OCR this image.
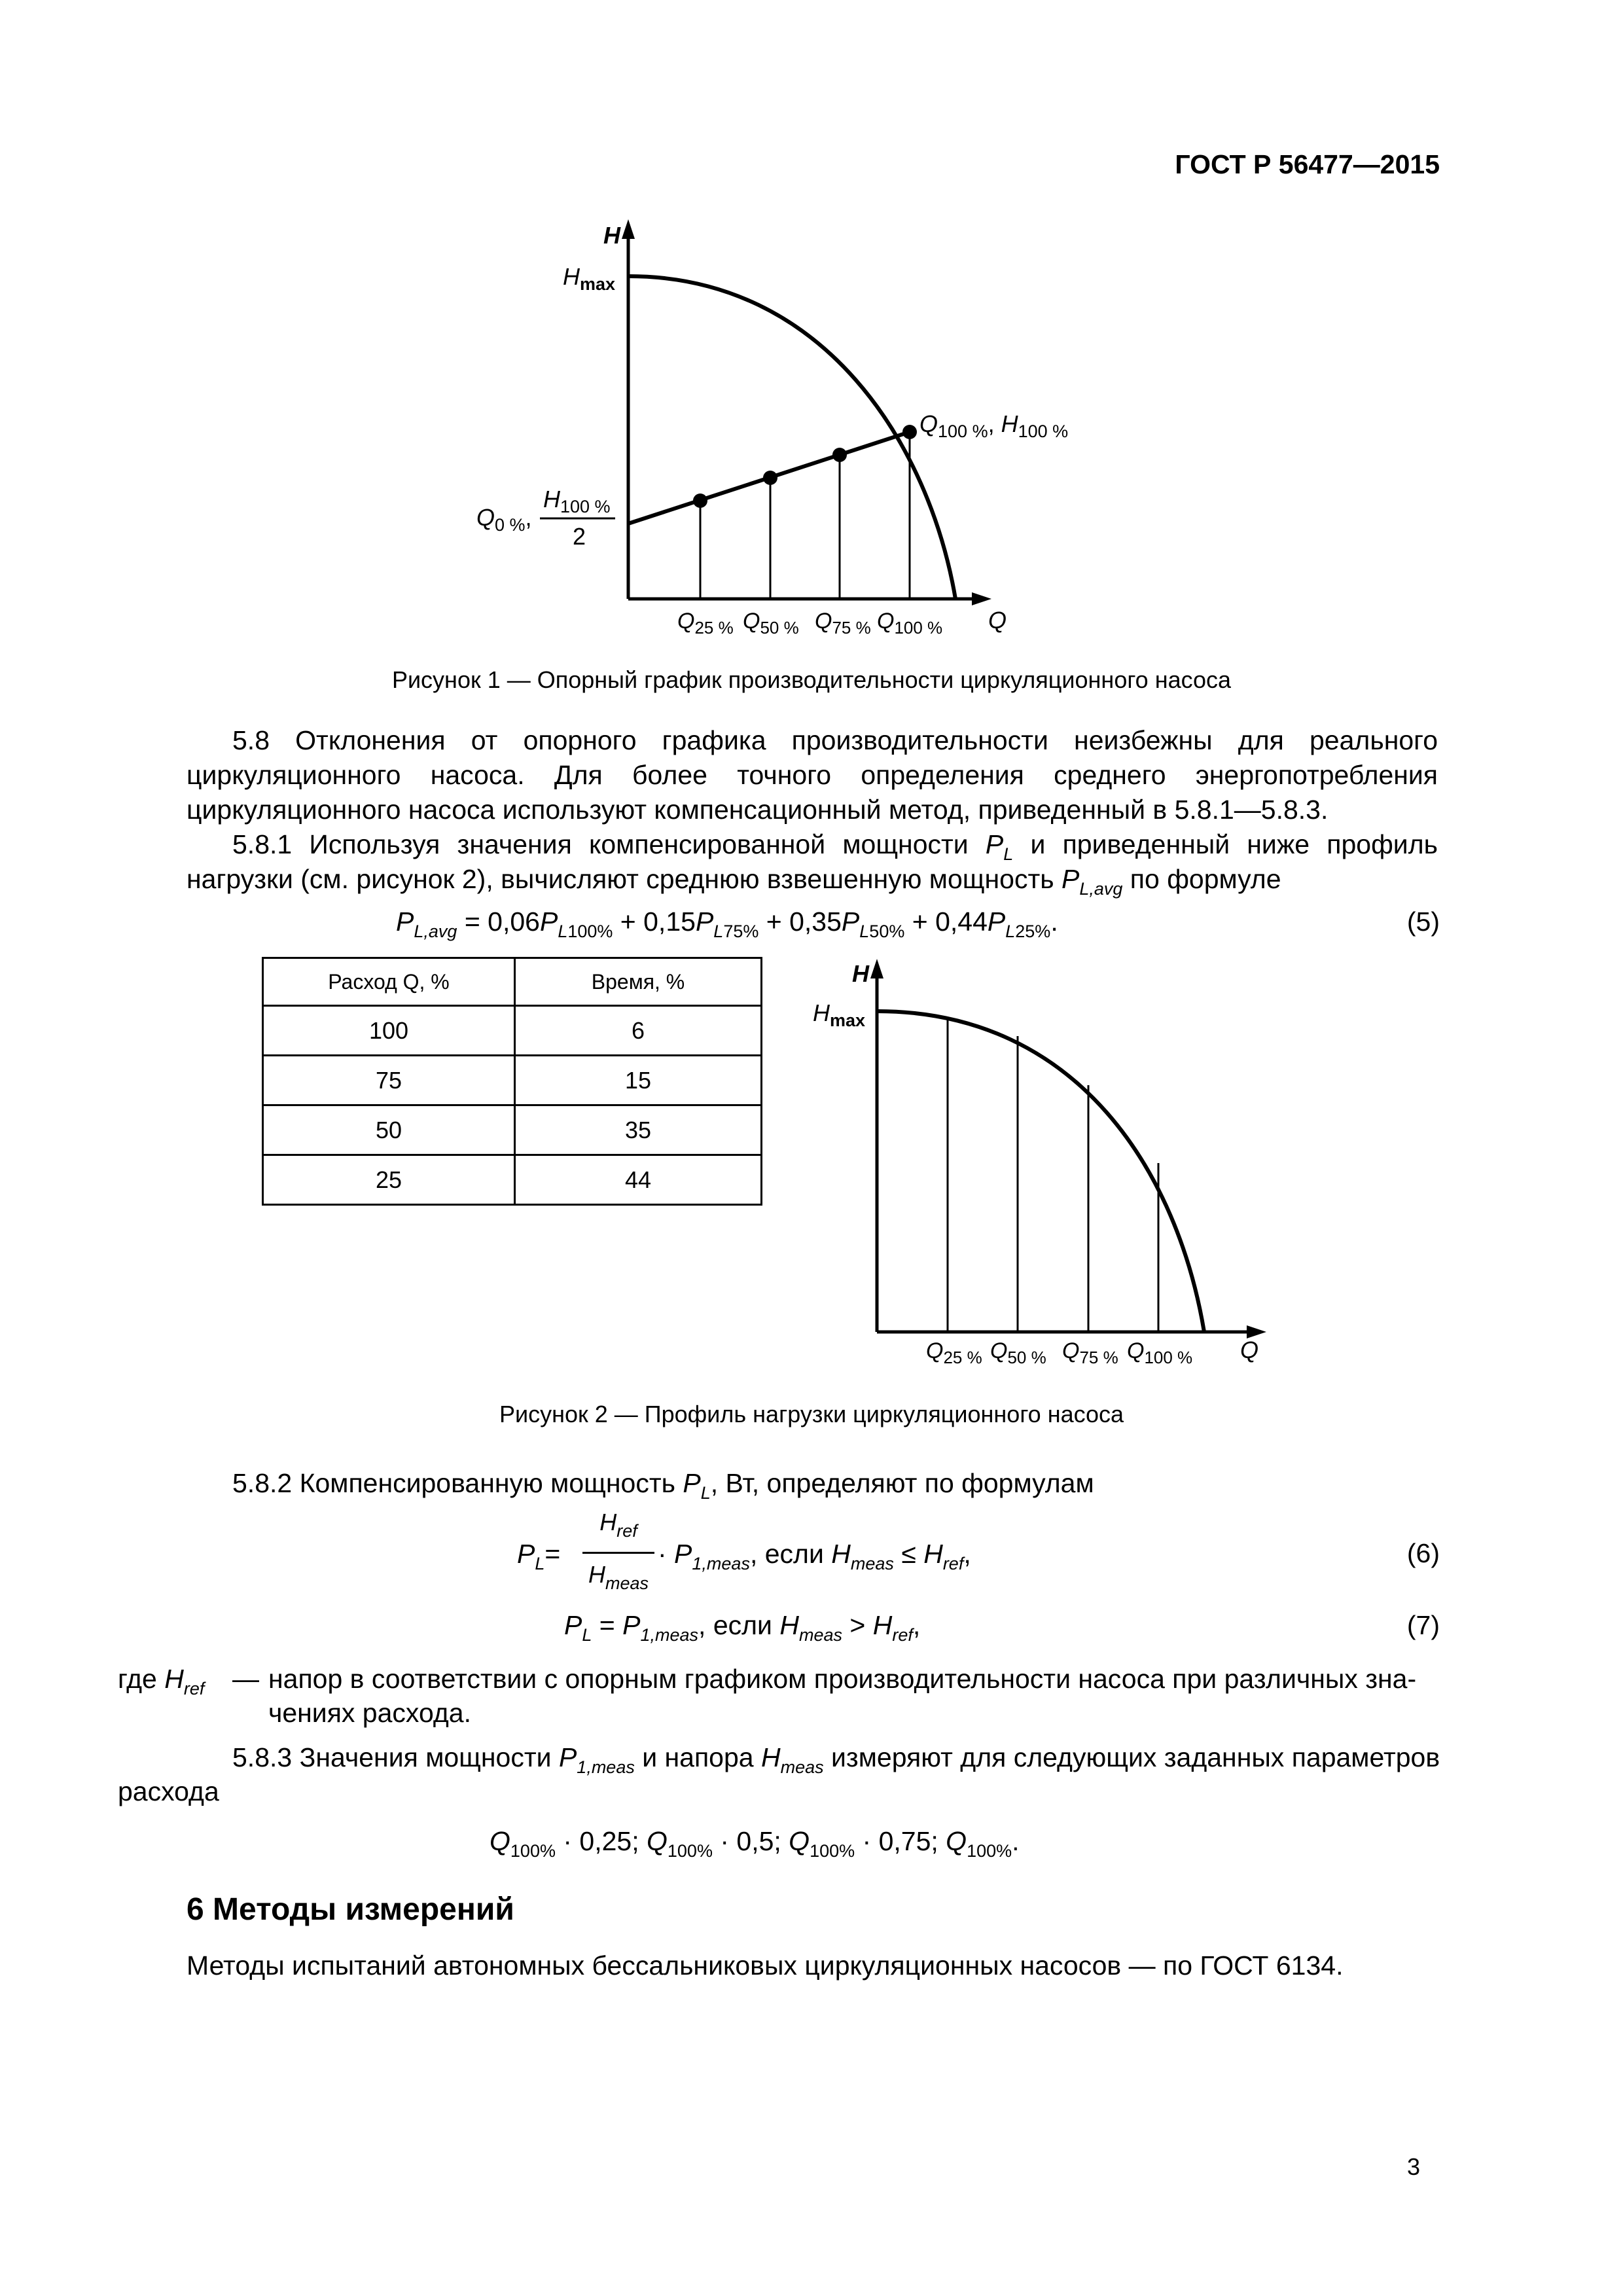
ГОСТ Р 56477—2015
H
$H_{max}$
$Q_{100 \%}$, $H_{100 \%}$
$Q_{0 \%}$,
$H_{100 \%}$
2
$Q_{25 \%}$ $Q_{50 \%}$ $Q_{75 \%}$ $Q_{100 \%}$ Q
Рисунок 1 — Опорный график производительности циркуляционного насоса
5.8 Отклонения от опорного графика производительности неизбежны для реального циркуляционного насоса. Для более точного определения среднего энергопотребления циркуляционного насоса используют компенсационный метод, приведенный в 5.8.1—5.8.3.
5.8.1 Используя значения компенсированной мощности $P_L$ и приведенный ниже профиль нагрузки (см. рисунок 2), вычисляют среднюю взвешенную мощность $P_{L,avg}$ по формуле
$P_{L,avg} = 0,06P_{L100\%} + 0,15P_{L75\%} + 0,35P_{L50\%} + 0,44P_{L25\%}$.	(5)
Расход Q, %	Время, %
100	6
75	15
50	35
25	44
H
$H_{max}$
$Q_{25 \%}$ $Q_{50 \%}$ $Q_{75 \%}$ $Q_{100 \%}$ Q
Рисунок 2 — Профиль нагрузки циркуляционного насоса
5.8.2 Компенсированную мощность $P_L$, Вт, определяют по формулам
$P_L=$
$H_{ref}$
$H_{meas}$
· $P_{1,meas}$, если $H_{meas} \le H_{ref}$,	(6)
$P_L = P_{1,meas}$, если $H_{meas} > H_{ref}$,	(7)
где $H_{ref}$ — напор в соответствии с опорным графиком производительности насоса при различных зна-
чениях расхода.
5.8.3 Значения мощности $P_{1,meas}$ и напора $H_{meas}$ измеряют для следующих заданных параметров
расхода
$Q_{100\%} \cdot 0,25$; $Q_{100\%} \cdot 0,5$; $Q_{100\%} \cdot 0,75$; $Q_{100\%}$.
6 Методы измерений
Методы испытаний автономных бессальниковых циркуляционных насосов — по ГОСТ 6134.
3
